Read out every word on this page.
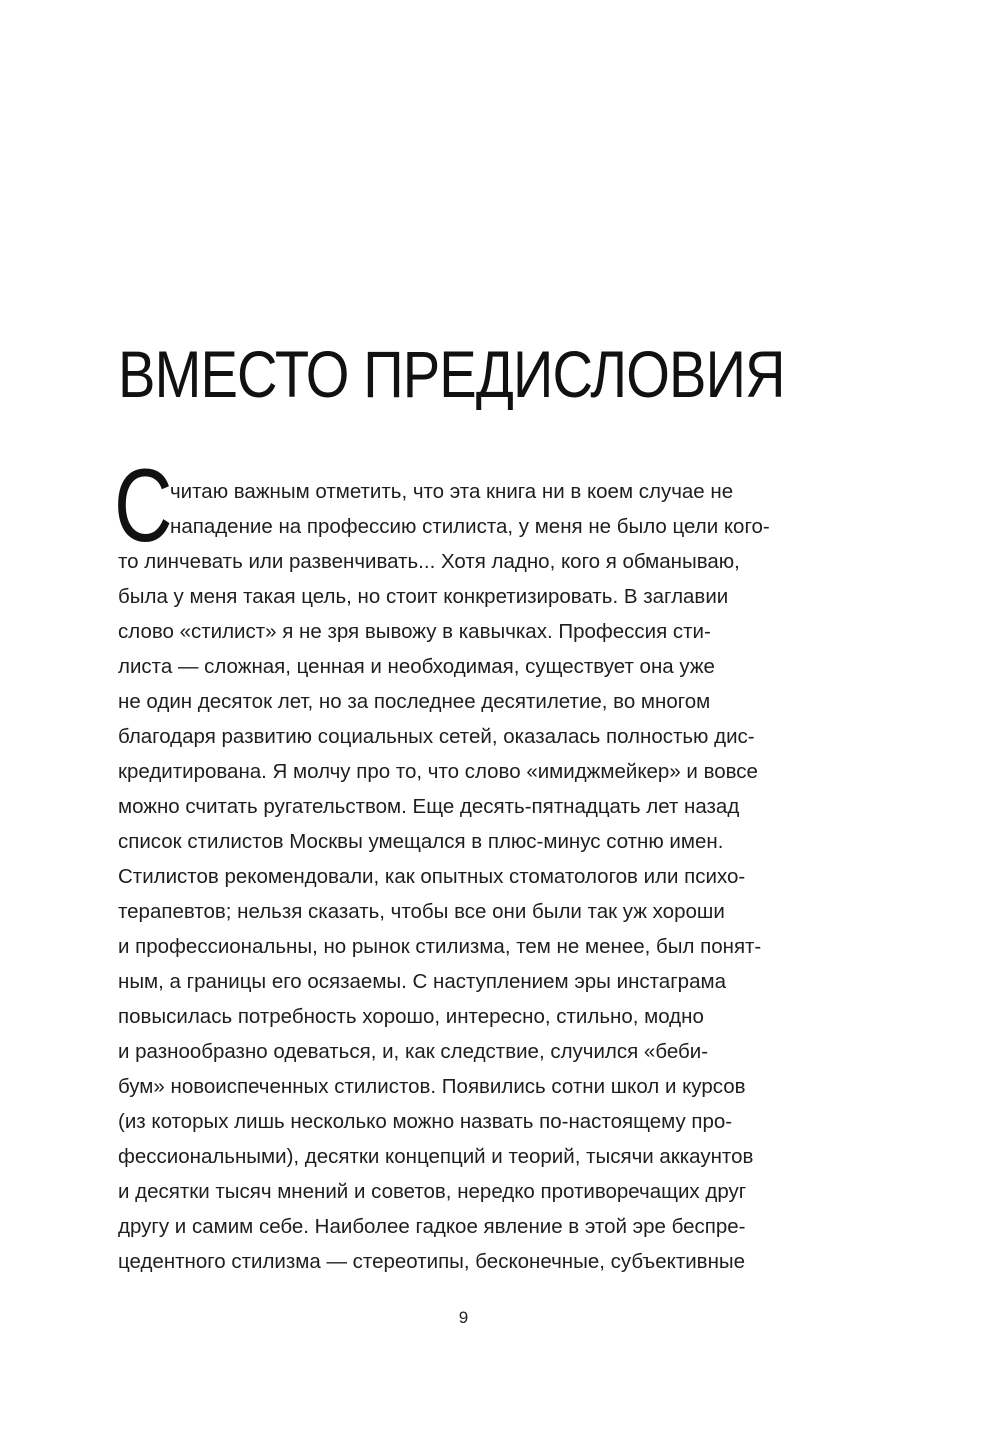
ВМЕСТО ПРЕДИСЛОВИЯ
С
читаю важным отметить, что эта книга ни в коем случае не
нападение на профессию стилиста, у меня не было цели кого-
то линчевать или развенчивать... Хотя ладно, кого я обманываю,
была у меня такая цель, но стоит конкретизировать. В заглавии
слово «стилист» я не зря вывожу в кавычках. Профессия сти-
листа — сложная, ценная и необходимая, существует она уже
не один десяток лет, но за последнее десятилетие, во многом
благодаря развитию социальных сетей, оказалась полностью дис-
кредитирована. Я молчу про то, что слово «имиджмейкер» и вовсе
можно считать ругательством. Еще десять-пятнадцать лет назад
список стилистов Москвы умещался в плюс-минус сотню имен.
Стилистов рекомендовали, как опытных стоматологов или психо-
терапевтов; нельзя сказать, чтобы все они были так уж хороши
и профессиональны, но рынок стилизма, тем не менее, был понят-
ным, а границы его осязаемы. С наступлением эры инстаграма
повысилась потребность хорошо, интересно, стильно, модно
и разнообразно одеваться, и, как следствие, случился «беби-
бум» новоиспеченных стилистов. Появились сотни школ и курсов
(из которых лишь несколько можно назвать по-настоящему про-
фессиональными), десятки концепций и теорий, тысячи аккаунтов
и десятки тысяч мнений и советов, нередко противоречащих друг
другу и самим себе. Наиболее гадкое явление в этой эре беспре-
цедентного стилизма — стереотипы, бесконечные, субъективные
9
